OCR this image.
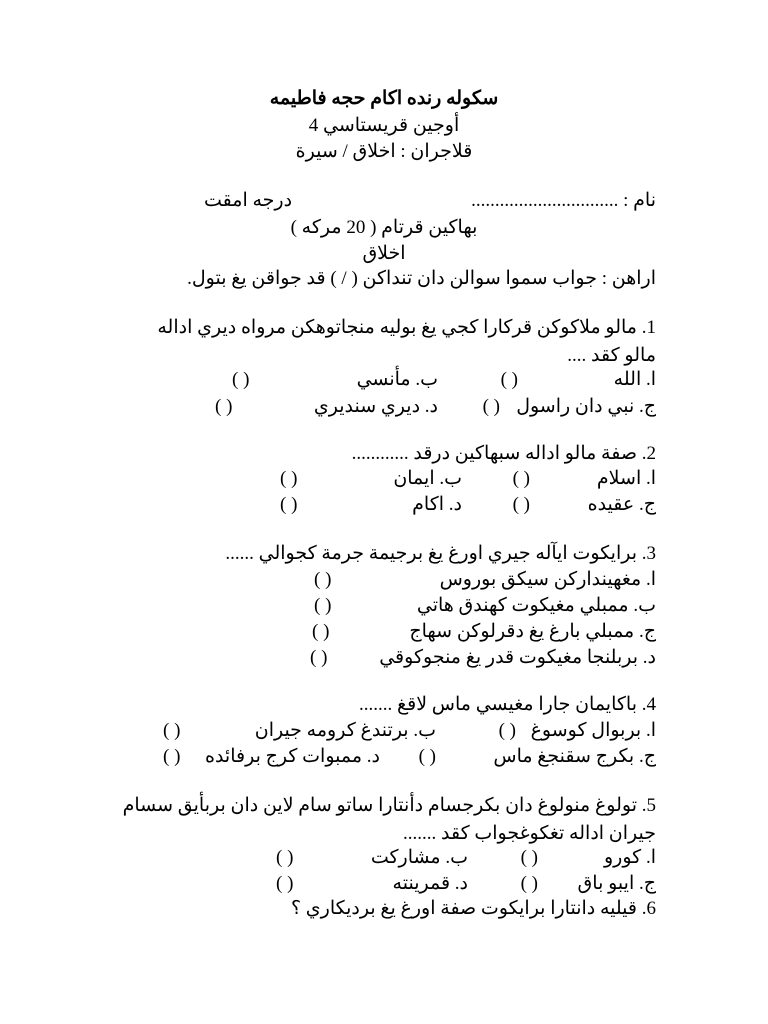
سكوله رنده اكام حجه فاطيمه
أوجين قريستاسي 4
قلاجران : اخلاق / سيرة
نام : ...............................
درجه امقت
بهاكين قرتام ( 20 مركه )
اخلاق
اراهن : جواب سموا سوالن دان تنداكن ( / ) قد جواقن يغ بتول.
1. مالو ملاكوكن قركارا كجي يغ بوليه منجاتوهكن مرواه ديري اداله مالو كقد ....
ا. الله
( )
ب. مأنسي
( )
ج. نبي دان راسول
( )
د. ديري سنديري
( )
2. صفة مالو اداله سبهاكين درقد ............
ا. اسلام
( )
ب. ايمان
( )
ج. عقيده
( )
د. اكام
( )
3. برايكوت ايآله جيري اورغ يغ برجيمة جرمة كجوالي ......
ا. مغهينداركن سيكق بوروس
( )
ب. ممبلي مغيكوت كهندق هاتي
( )
ج. ممبلي بارغ يغ دقرلوكن سهاج
( )
د. بربلنجا مغيكوت قدر يغ منجوكوقي
( )
4. باكايمان جارا مغيسي ماس لاقغ .......
ا. بربوال كوسوغ
( )
ب. برتندغ كرومه جيران
( )
ج. بكرج سقنجغ ماس
( )
د. ممبوات كرج برفائده
( )
5. تولوغ منولوغ دان بكرجسام دأنتارا ساتو سام لاين دان بربأيق سسام جيران اداله تغكوغجواب كقد .......
ا. كورو
( )
ب. مشاركت
( )
ج. ايبو باق
( )
د. قمرينته
( )
6. قيليه دانتارا برايكوت صفة اورغ يغ برديكاري ؟
